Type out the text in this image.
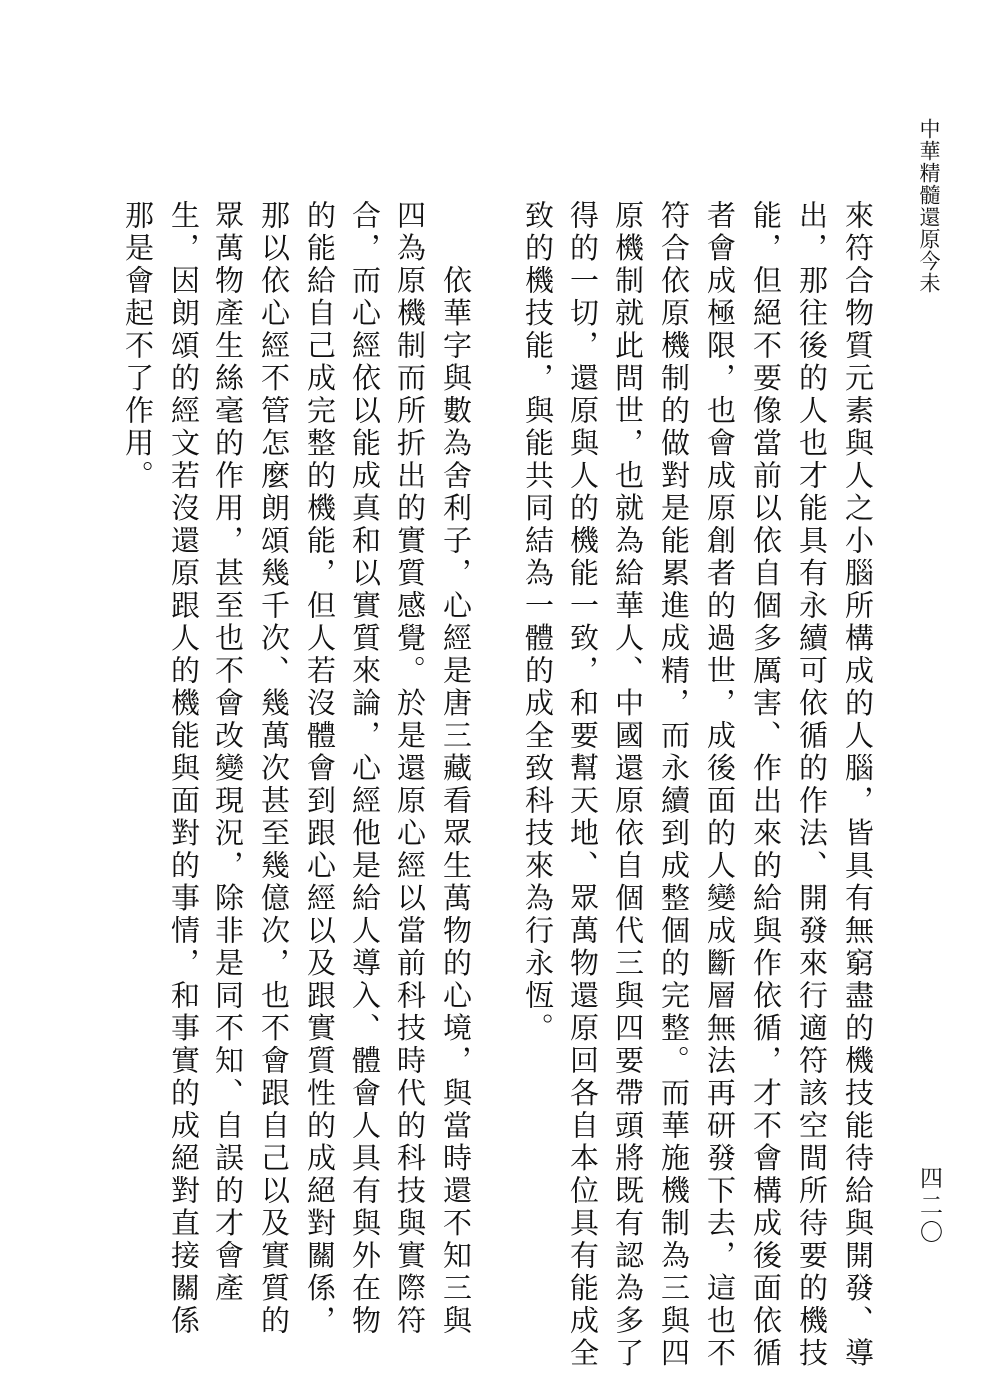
中華精髓還原今未
四二〇
來符合物質元素與人之小腦所構成的人腦，皆具有無窮盡的機技能待給與開發、導
出，那往後的人也才能具有永續可依循的作法、開發來行適符該空間所待要的機技
能，但絕不要像當前以依自個多厲害、作出來的給與作依循，才不會構成後面依循
者會成極限，也會成原創者的過世，成後面的人變成斷層無法再研發下去，這也不
符合依原機制的做對是能累進成精，而永續到成整個的完整。而華施機制為三與四
原機制就此問世，也就為給華人、中國還原依自個代三與四要帶頭將既有認為多了
得的一切，還原與人的機能一致，和要幫天地、眾萬物還原回各自本位具有能成全
致的機技能，與能共同結為一體的成全致科技來為行永恆。
　　依華字與數為舍利子，心經是唐三藏看眾生萬物的心境，與當時還不知三與
四為原機制而所折出的實質感覺。於是還原心經以當前科技時代的科技與實際符
合，而心經依以能成真和以實質來論，心經他是給人導入、體會人具有與外在物
的能給自己成完整的機能，但人若沒體會到跟心經以及跟實質性的成絕對關係，
那以依心經不管怎麼朗頌幾千次、幾萬次甚至幾億次，也不會跟自己以及實質的
眾萬物產生絲毫的作用，甚至也不會改變現況，除非是同不知、自誤的才會產
生，因朗頌的經文若沒還原跟人的機能與面對的事情，和事實的成絕對直接關係
那是會起不了作用。
